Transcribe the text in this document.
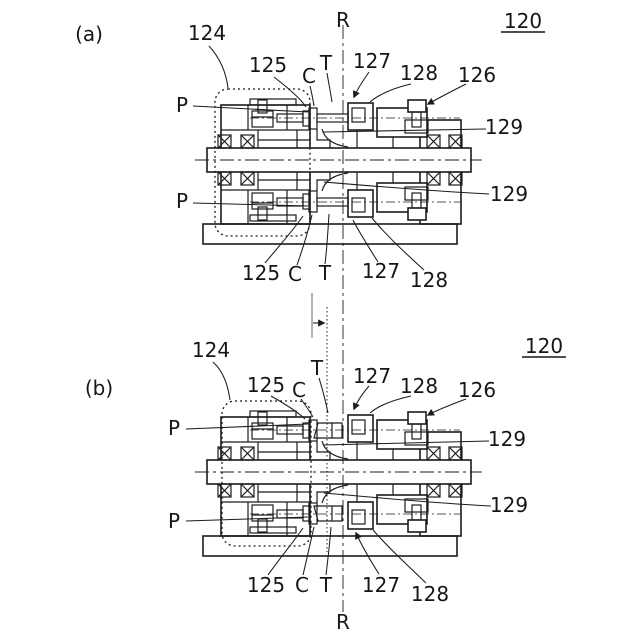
(a)
120
124
125 C
T
R
127 128 126
129
129
P
P
125 C T 127 128
(b)
120
124
125 C
T 127 128 126
129
129
P
P
125 C T 127 128
R
